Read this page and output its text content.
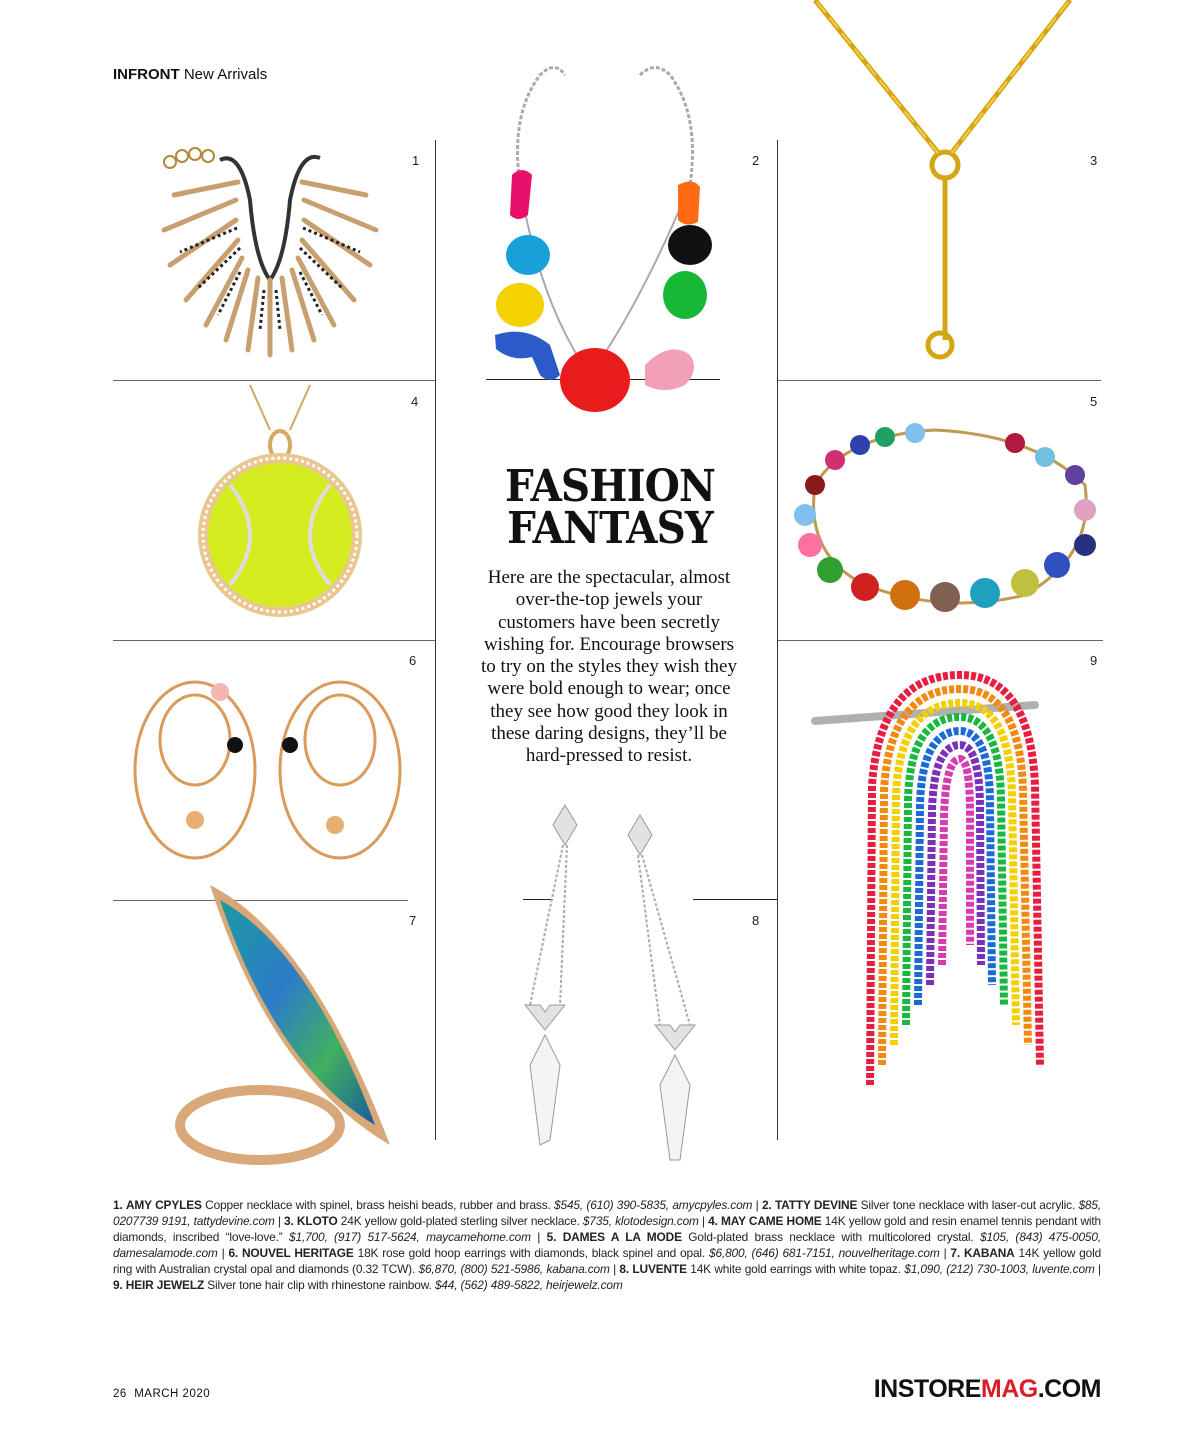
INFRONT New Arrivals
1	2	3
4	5
6
7	8
9
FASHION
FANTASY
Here are the spectacular, almost over-the-top jewels your customers have been secretly wishing for. Encourage browsers to try on the styles they wish they were bold enough to wear; once they see how good they look in these daring designs, they’ll be hard-pressed to resist.
1. AMY CPYLES Copper necklace with spinel, brass heishi beads, rubber and brass. $545, (610) 390-5835, amycpyles.com | 2. TATTY DEVINE Silver tone necklace with laser-cut acrylic. $85, 0207739 9191, tattydevine.com | 3. KLOTO 24K yellow gold-plated sterling silver necklace. $735, klotodesign.com | 4. MAY CAME HOME 14K yellow gold and resin enamel tennis pendant with diamonds, inscribed “love-love.” $1,700, (917) 517-5624, maycamehome.com | 5. DAMES A LA MODE Gold-plated brass necklace with multicolored crystal. $105, (843) 475-0050, damesalamode.com | 6. NOUVEL HERITAGE 18K rose gold hoop earrings with diamonds, black spinel and opal. $6,800, (646) 681-7151, nouvelheritage.com | 7. KABANA 14K yellow gold ring with Australian crystal opal and diamonds (0.32 TCW). $6,870, (800) 521-5986, kabana.com | 8. LUVENTE 14K white gold earrings with white topaz. $1,090, (212) 730-1003, luvente.com | 9. HEIR JEWELZ Silver tone hair clip with rhinestone rainbow. $44, (562) 489-5822, heirjewelz.com
26 MARCH 2020	INSTOREMAG.COM
